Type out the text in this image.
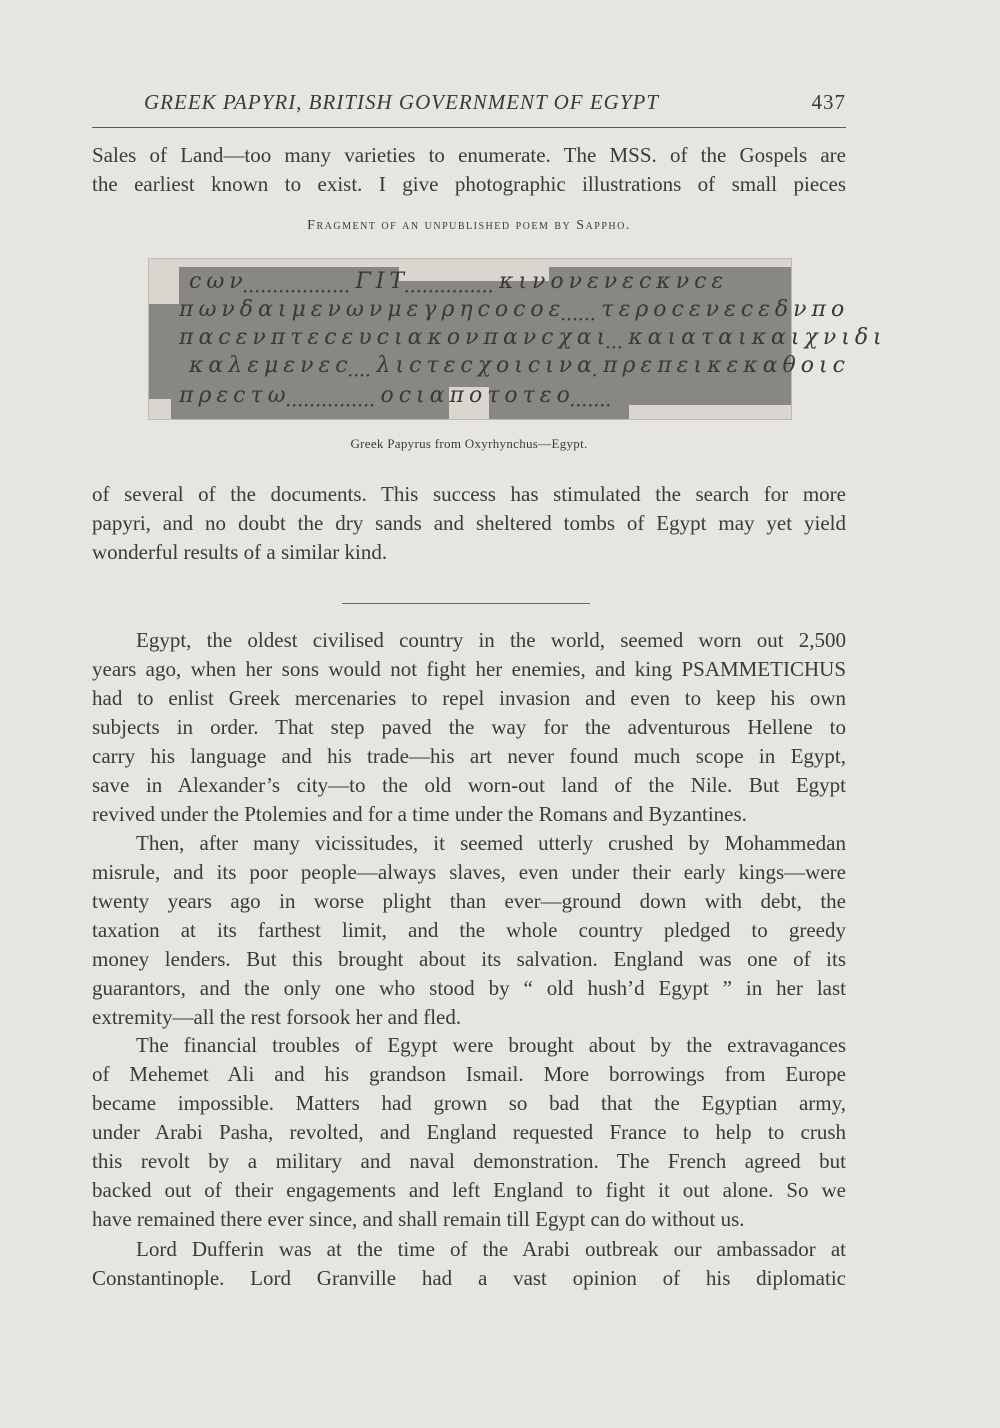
GREEK PAPYRI, BRITISH GOVERNMENT OF EGYPT	437
Sales of Land—too many varieties to enumerate. The MSS. of the Gospels are
the earliest known to exist. I give photographic illustrations of small pieces
Fragment of an unpublished poem by Sappho.
ϲ ω ν ̣ ̣ ̣ ̣ ̣ ̣ ̣ ̣ ̣ ̣ ̣ ̣ ̣ ̣ ̣ ̣ ̣ ̣ Γ Ι Τ ̣ ̣ ̣ ̣ ̣ ̣ ̣ ̣ ̣ ̣ ̣ ̣ ̣ ̣ ̣ κ ι ν ο ν ε ν ε ϲ κ ν ϲ ε
π ω ν δ α ι μ ε ν ω ν μ ε γ ρ η ϲ ο ϲ ο ε ̣ ̣ ̣ ̣ ̣ ̣ τ ε ρ ο ϲ ε ν ε ϲ ε δ ν π ο
π α ϲ ε ν π τ ε ϲ ε υ ϲ ι α κ ο ν π α ν ϲ χ α ι ̣ ̣ ̣ κ α ι α τ α ι κ α ι χ ν ι δ ι
κ α λ ε μ ε ν ε ϲ ̣ ̣ ̣ ̣ λ ι ϲ τ ε ϲ χ ο ι ϲ ι ν α ̣ π ρ ε π ε ι κ ε κ α θ ο ι ϲ
π ρ ε ϲ τ ω ̣ ̣ ̣ ̣ ̣ ̣ ̣ ̣ ̣ ̣ ̣ ̣ ̣ ̣ ̣ ο ϲ ι α π ο τ ο τ ε ο ̣ ̣ ̣ ̣ ̣ ̣ ̣
Greek Papyrus from Oxyrhynchus—Egypt.
of several of the documents. This success has stimulated the search for more
papyri, and no doubt the dry sands and sheltered tombs of Egypt may yet yield
wonderful results of a similar kind.
Egypt, the oldest civilised country in the world, seemed worn out 2,500
years ago, when her sons would not fight her enemies, and king PSAMMETICHUS
had to enlist Greek mercenaries to repel invasion and even to keep his own
subjects in order. That step paved the way for the adventurous Hellene to
carry his language and his trade—his art never found much scope in Egypt,
save in Alexander’s city—to the old worn-out land of the Nile. But Egypt
revived under the Ptolemies and for a time under the Romans and Byzantines.
Then, after many vicissitudes, it seemed utterly crushed by Mohammedan
misrule, and its poor people—always slaves, even under their early kings—were
twenty years ago in worse plight than ever—ground down with debt, the
taxation at its farthest limit, and the whole country pledged to greedy
money lenders. But this brought about its salvation. England was one of its
guarantors, and the only one who stood by “ old hush’d Egypt ” in her last
extremity—all the rest forsook her and fled.
The financial troubles of Egypt were brought about by the extravagances
of Mehemet Ali and his grandson Ismail. More borrowings from Europe
became impossible. Matters had grown so bad that the Egyptian army,
under Arabi Pasha, revolted, and England requested France to help to crush
this revolt by a military and naval demonstration. The French agreed but
backed out of their engagements and left England to fight it out alone. So we
have remained there ever since, and shall remain till Egypt can do without us.
Lord Dufferin was at the time of the Arabi outbreak our ambassador at
Constantinople. Lord Granville had a vast opinion of his diplomatic
